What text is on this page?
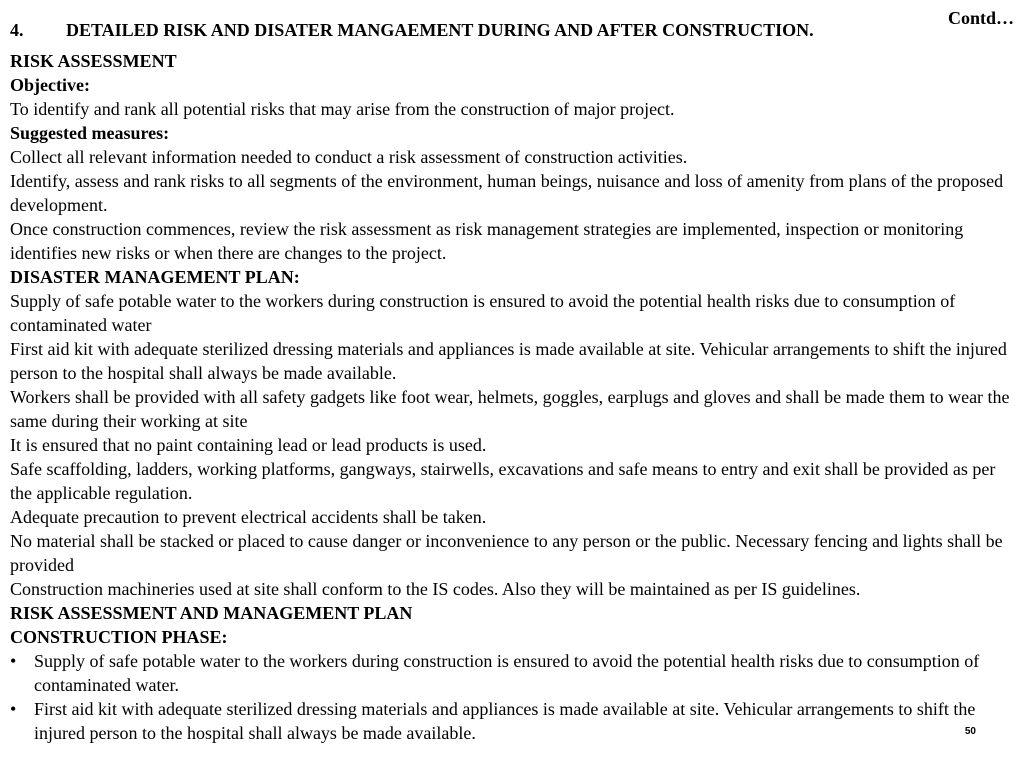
Contd…
4. DETAILED RISK AND DISATER MANGAEMENT DURING AND AFTER CONSTRUCTION.

RISK ASSESSMENT

Objective:

To identify and rank all potential risks that may arise from the construction of major project.

Suggested measures:

Collect all relevant information needed to conduct a risk assessment of construction activities.

Identify, assess and rank risks to all segments of the environment, human beings, nuisance and loss of amenity from plans of the proposed development.

Once construction commences, review the risk assessment as risk management strategies are implemented, inspection or monitoring identifies new risks or when there are changes to the project.

DISASTER MANAGEMENT PLAN:

Supply of safe potable water to the workers during construction is ensured to avoid the potential health risks due to consumption of contaminated water

First aid kit with adequate sterilized dressing materials and appliances is made available at site. Vehicular arrangements to shift the injured person to the hospital shall always be made available.

Workers shall be provided with all safety gadgets like foot wear, helmets, goggles, earplugs and gloves and shall be made them to wear the same during their working at site

It is ensured that no paint containing lead or lead products is used.

Safe scaffolding, ladders, working platforms, gangways, stairwells, excavations and safe means to entry and exit shall be provided as per the applicable regulation.

Adequate precaution to prevent electrical accidents shall be taken.

No material shall be stacked or placed to cause danger or inconvenience to any person or the public. Necessary fencing and lights shall be provided

Construction machineries used at site shall conform to the IS codes. Also they will be maintained as per IS guidelines.

RISK ASSESSMENT AND MANAGEMENT PLAN

CONSTRUCTION PHASE:

• Supply of safe potable water to the workers during construction is ensured to avoid the potential health risks due to consumption of contaminated water.
• First aid kit with adequate sterilized dressing materials and appliances is made available at site. Vehicular arrangements to shift the injured person to the hospital shall always be made available.	50
